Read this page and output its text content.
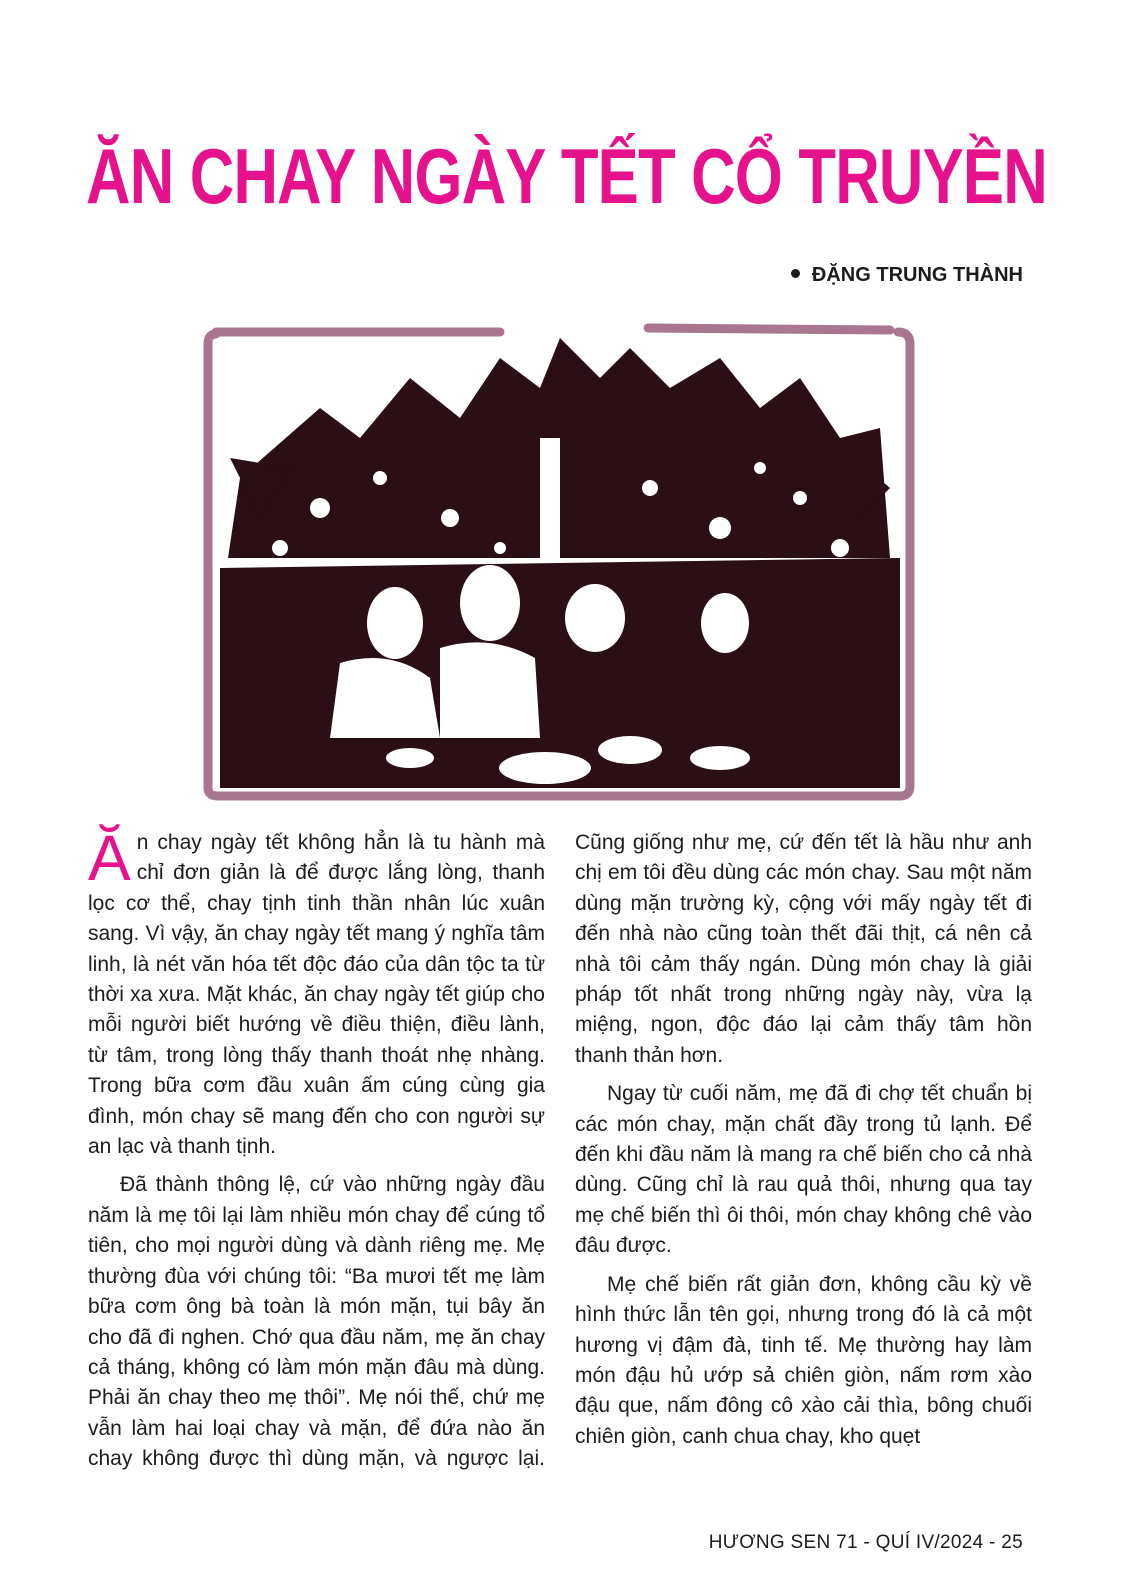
ĂN CHAY NGÀY TẾT CỔ TRUYỀN
ĐẶNG TRUNG THÀNH

Ăn chay ngày tết không hẳn là tu hành mà chỉ đơn giản là để được lắng lòng, thanh lọc cơ thể, chay tịnh tinh thần nhân lúc xuân sang. Vì vậy, ăn chay ngày tết mang ý nghĩa tâm linh, là nét văn hóa tết độc đáo của dân tộc ta từ thời xa xưa. Mặt khác, ăn chay ngày tết giúp cho mỗi người biết hướng về điều thiện, điều lành, từ tâm, trong lòng thấy thanh thoát nhẹ nhàng. Trong bữa cơm đầu xuân ấm cúng cùng gia đình, món chay sẽ mang đến cho con người sự an lạc và thanh tịnh.

Đã thành thông lệ, cứ vào những ngày đầu năm là mẹ tôi lại làm nhiều món chay để cúng tổ tiên, cho mọi người dùng và dành riêng mẹ. Mẹ thường đùa với chúng tôi: “Ba mươi tết mẹ làm bữa cơm ông bà toàn là món mặn, tụi bây ăn cho đã đi nghen. Chớ qua đầu năm, mẹ ăn chay cả tháng, không có làm món mặn đâu mà dùng. Phải ăn chay theo mẹ thôi”. Mẹ nói thế, chứ mẹ vẫn làm hai loại chay và mặn, để đứa nào ăn chay không được thì dùng mặn, và ngược lại. Cũng giống như mẹ, cứ đến tết là hầu như anh chị em tôi đều dùng các món chay. Sau một năm dùng mặn trường kỳ, cộng với mấy ngày tết đi đến nhà nào cũng toàn thết đãi thịt, cá nên cả nhà tôi cảm thấy ngán. Dùng món chay là giải pháp tốt nhất trong những ngày này, vừa lạ miệng, ngon, độc đáo lại cảm thấy tâm hồn thanh thản hơn.

Ngay từ cuối năm, mẹ đã đi chợ tết chuẩn bị các món chay, mặn chất đầy trong tủ lạnh. Để đến khi đầu năm là mang ra chế biến cho cả nhà dùng. Cũng chỉ là rau quả thôi, nhưng qua tay mẹ chế biến thì ôi thôi, món chay không chê vào đâu được.

Mẹ chế biến rất giản đơn, không cầu kỳ về hình thức lẫn tên gọi, nhưng trong đó là cả một hương vị đậm đà, tinh tế. Mẹ thường hay làm món đậu hủ ướp sả chiên giòn, nấm rơm xào đậu que, nấm đông cô xào cải thìa, bông chuối chiên giòn, canh chua chay, kho quẹt

HƯƠNG SEN 71 - QUÍ IV/2024 - 25
